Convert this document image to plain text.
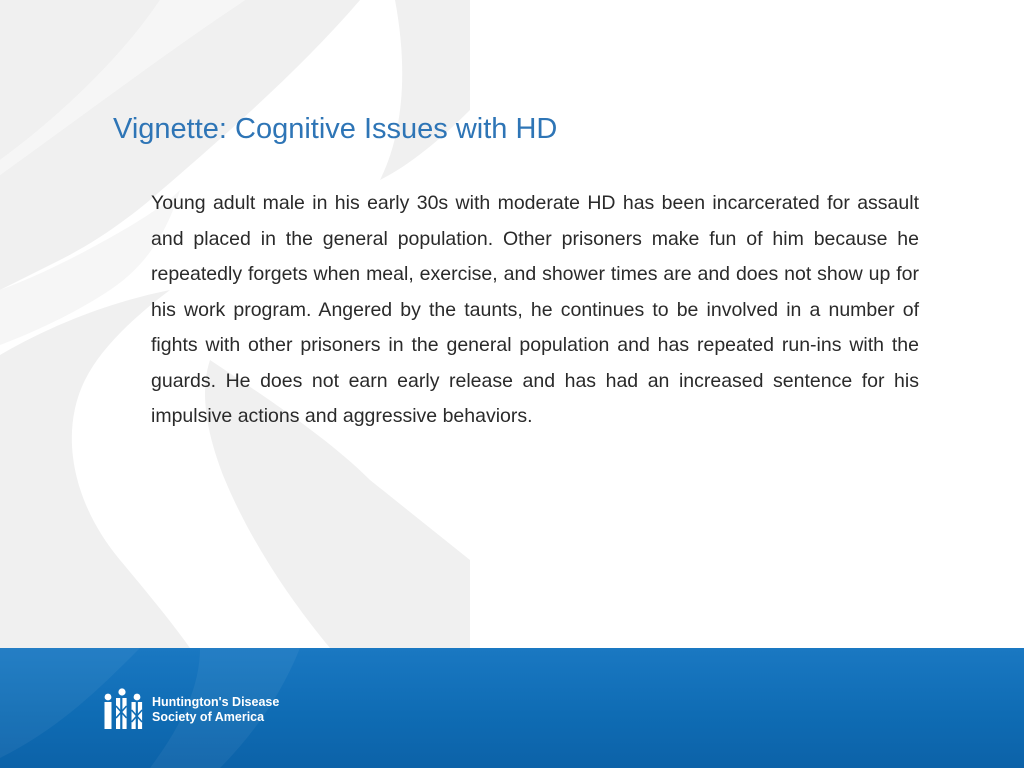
Vignette: Cognitive Issues with HD

Young adult male in his early 30s with moderate HD has been incarcerated for assault and placed in the general population. Other prisoners make fun of him because he repeatedly forgets when meal, exercise, and shower times are and does not show up for his work program. Angered by the taunts, he continues to be involved in a number of fights with other prisoners in the general population and has repeated run-ins with the guards. He does not earn early release and has had an increased sentence for his impulsive actions and aggressive behaviors.

Huntington's Disease
Society of America
